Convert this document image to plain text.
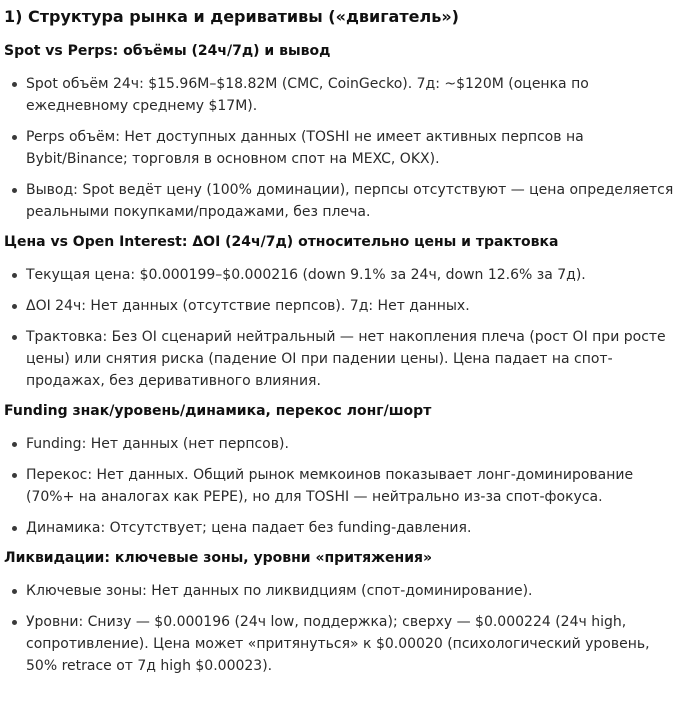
1) Структура рынка и деривативы («двигатель»)
Spot vs Perps: объёмы (24ч/7д) и вывод
Spot объём 24ч: $15.96M–$18.82M (CMC, CoinGecko). 7д: ~$120M (оценка по ежедневному среднему $17M).
Perps объём: Нет доступных данных (TOSHI не имеет активных перпсов на Bybit/Binance; торговля в основном спот на MEXC, OKX).
Вывод: Spot ведёт цену (100% доминации), перпсы отсутствуют — цена определяется реальными покупками/продажами, без плеча.
Цена vs Open Interest: ΔOI (24ч/7д) относительно цены и трактовка
Текущая цена: $0.000199–$0.000216 (down 9.1% за 24ч, down 12.6% за 7д).
ΔOI 24ч: Нет данных (отсутствие перпсов). 7д: Нет данных.
Трактовка: Без OI сценарий нейтральный — нет накопления плеча (рост OI при росте цены) или снятия риска (падение OI при падении цены). Цена падает на спот-продажах, без деривативного влияния.
Funding знак/уровень/динамика, перекос лонг/шорт
Funding: Нет данных (нет перпсов).
Перекос: Нет данных. Общий рынок мемкоинов показывает лонг-доминирование (70%+ на аналогах как PEPE), но для TOSHI — нейтрально из-за спот-фокуса.
Динамика: Отсутствует; цена падает без funding-давления.
Ликвидации: ключевые зоны, уровни «притяжения»
Ключевые зоны: Нет данных по ликвидциям (спот-доминирование).
Уровни: Снизу — $0.000196 (24ч low, поддержка); сверху — $0.000224 (24ч high, сопротивление). Цена может «притянуться» к $0.00020 (психологический уровень, 50% retrace от 7д high $0.00023).
